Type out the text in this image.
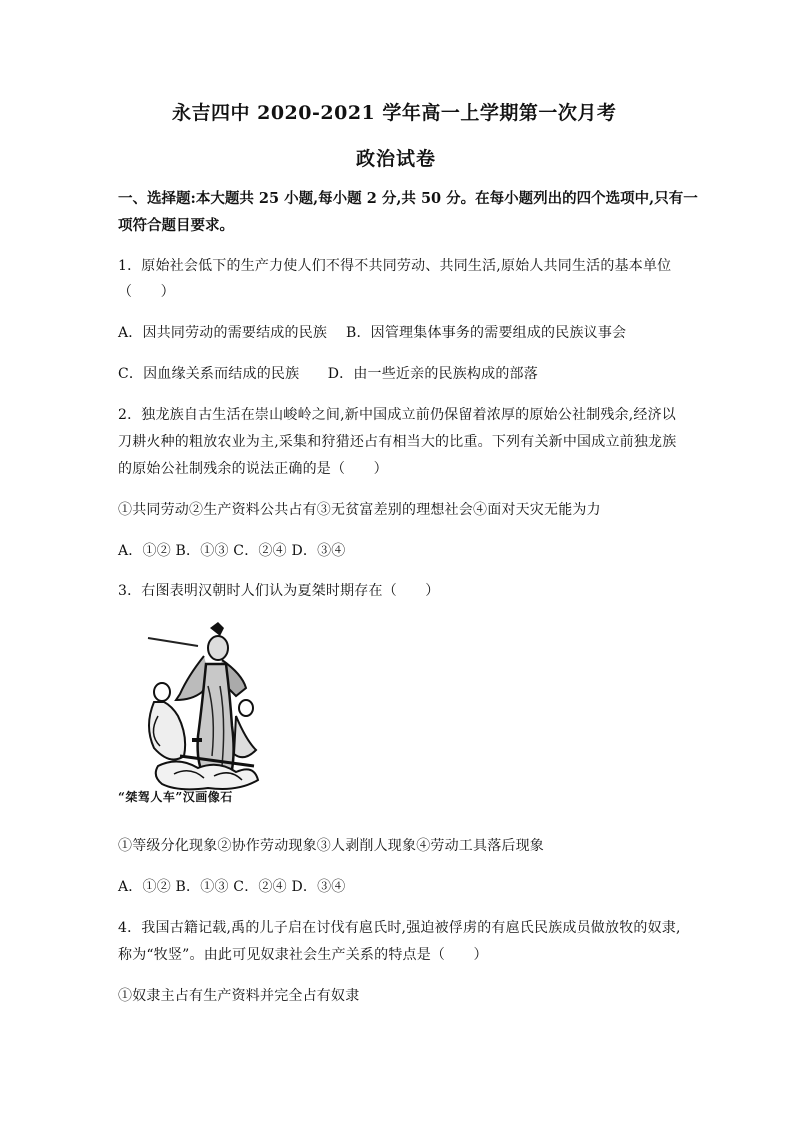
永吉四中 2020-2021 学年高一上学期第一次月考
政治试卷
一、选择题:本大题共 25 小题,每小题 2 分,共 50 分。在每小题列出的四个选项中,只有一
项符合题目要求。
1．原始社会低下的生产力使人们不得不共同劳动、共同生活,原始人共同生活的基本单位
（　　）
A．因共同劳动的需要结成的民族　 B．因管理集体事务的需要组成的民族议事会
C．因血缘关系而结成的民族　　D．由一些近亲的民族构成的部落
2．独龙族自古生活在崇山峻岭之间,新中国成立前仍保留着浓厚的原始公社制残余,经济以
刀耕火种的粗放农业为主,采集和狩猎还占有相当大的比重。下列有关新中国成立前独龙族
的原始公社制残余的说法正确的是（　　）
①共同劳动②生产资料公共占有③无贫富差别的理想社会④面对天灾无能为力
A．①② B．①③ C．②④ D．③④
3．右图表明汉朝时人们认为夏桀时期存在（　　）
“桀驾人车”汉画像石
①等级分化现象②协作劳动现象③人剥削人现象④劳动工具落后现象
A．①② B．①③ C．②④ D．③④
4．我国古籍记载,禹的儿子启在讨伐有扈氏时,强迫被俘虏的有扈氏民族成员做放牧的奴隶,
称为“牧竖”。由此可见奴隶社会生产关系的特点是（　　）
①奴隶主占有生产资料并完全占有奴隶
